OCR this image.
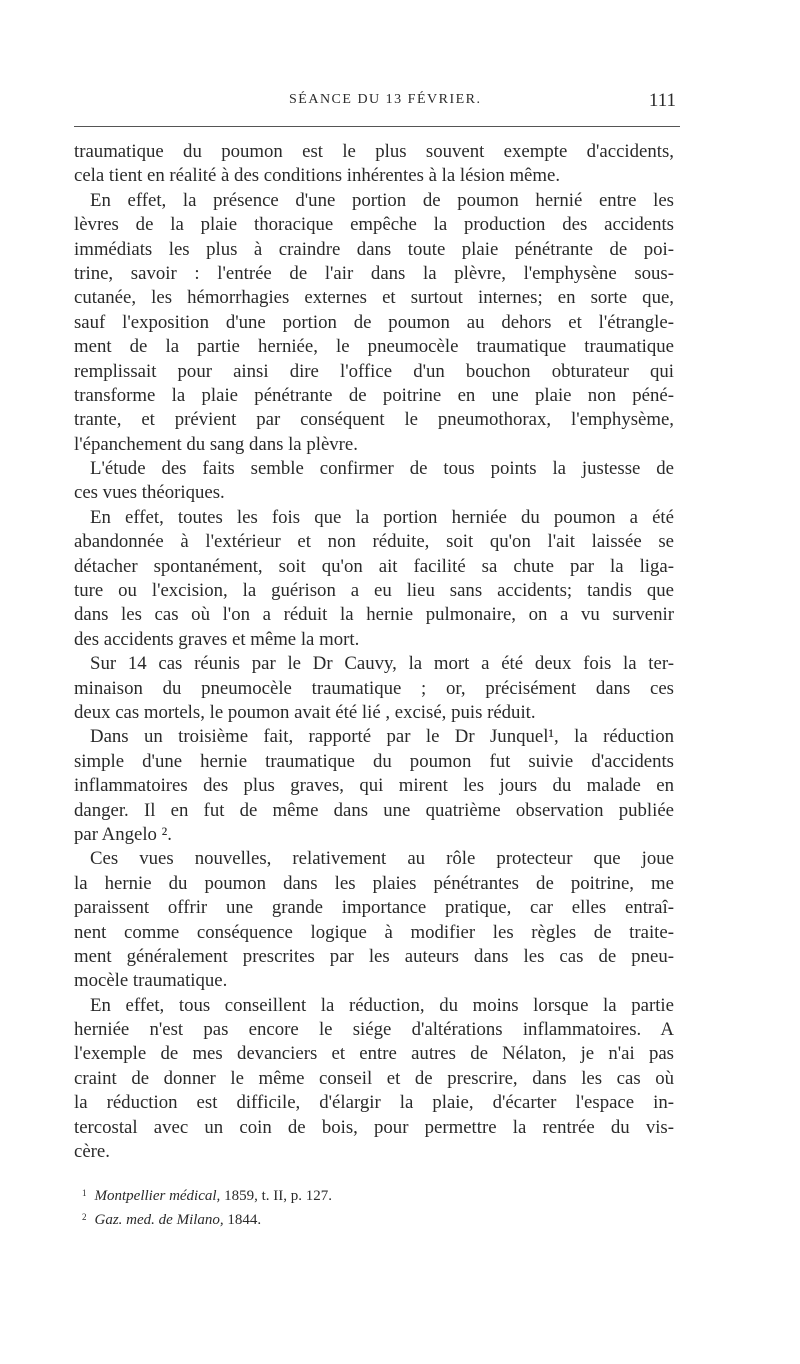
SÉANCE DU 13 FÉVRIER.	111
traumatique du poumon est le plus souvent exempte d'accidents,
cela tient en réalité à des conditions inhérentes à la lésion même.
En effet, la présence d'une portion de poumon hernié entre les
lèvres de la plaie thoracique empêche la production des accidents
immédiats les plus à craindre dans toute plaie pénétrante de poi-
trine, savoir : l'entrée de l'air dans la plèvre, l'emphysène sous-
cutanée, les hémorrhagies externes et surtout internes; en sorte que,
sauf l'exposition d'une portion de poumon au dehors et l'étrangle-
ment de la partie herniée, le pneumocèle traumatique traumatique
remplissait pour ainsi dire l'office d'un bouchon obturateur qui
transforme la plaie pénétrante de poitrine en une plaie non péné-
trante, et prévient par conséquent le pneumothorax, l'emphysème,
l'épanchement du sang dans la plèvre.
L'étude des faits semble confirmer de tous points la justesse de
ces vues théoriques.
En effet, toutes les fois que la portion herniée du poumon a été
abandonnée à l'extérieur et non réduite, soit qu'on l'ait laissée se
détacher spontanément, soit qu'on ait facilité sa chute par la liga-
ture ou l'excision, la guérison a eu lieu sans accidents; tandis que
dans les cas où l'on a réduit la hernie pulmonaire, on a vu survenir
des accidents graves et même la mort.
Sur 14 cas réunis par le Dr Cauvy, la mort a été deux fois la ter-
minaison du pneumocèle traumatique ; or, précisément dans ces
deux cas mortels, le poumon avait été lié , excisé, puis réduit.
Dans un troisième fait, rapporté par le Dr Junquel¹, la réduction
simple d'une hernie traumatique du poumon fut suivie d'accidents
inflammatoires des plus graves, qui mirent les jours du malade en
danger. Il en fut de même dans une quatrième observation publiée
par Angelo ².
Ces vues nouvelles, relativement au rôle protecteur que joue
la hernie du poumon dans les plaies pénétrantes de poitrine, me
paraissent offrir une grande importance pratique, car elles entraî-
nent comme conséquence logique à modifier les règles de traite-
ment généralement prescrites par les auteurs dans les cas de pneu-
mocèle traumatique.
En effet, tous conseillent la réduction, du moins lorsque la partie
herniée n'est pas encore le siége d'altérations inflammatoires. A
l'exemple de mes devanciers et entre autres de Nélaton, je n'ai pas
craint de donner le même conseil et de prescrire, dans les cas où
la réduction est difficile, d'élargir la plaie, d'écarter l'espace in-
tercostal avec un coin de bois, pour permettre la rentrée du vis-
cère.
$^1$ Montpellier médical, 1859, t. II, p. 127.
$^2$ Gaz. med. de Milano, 1844.
